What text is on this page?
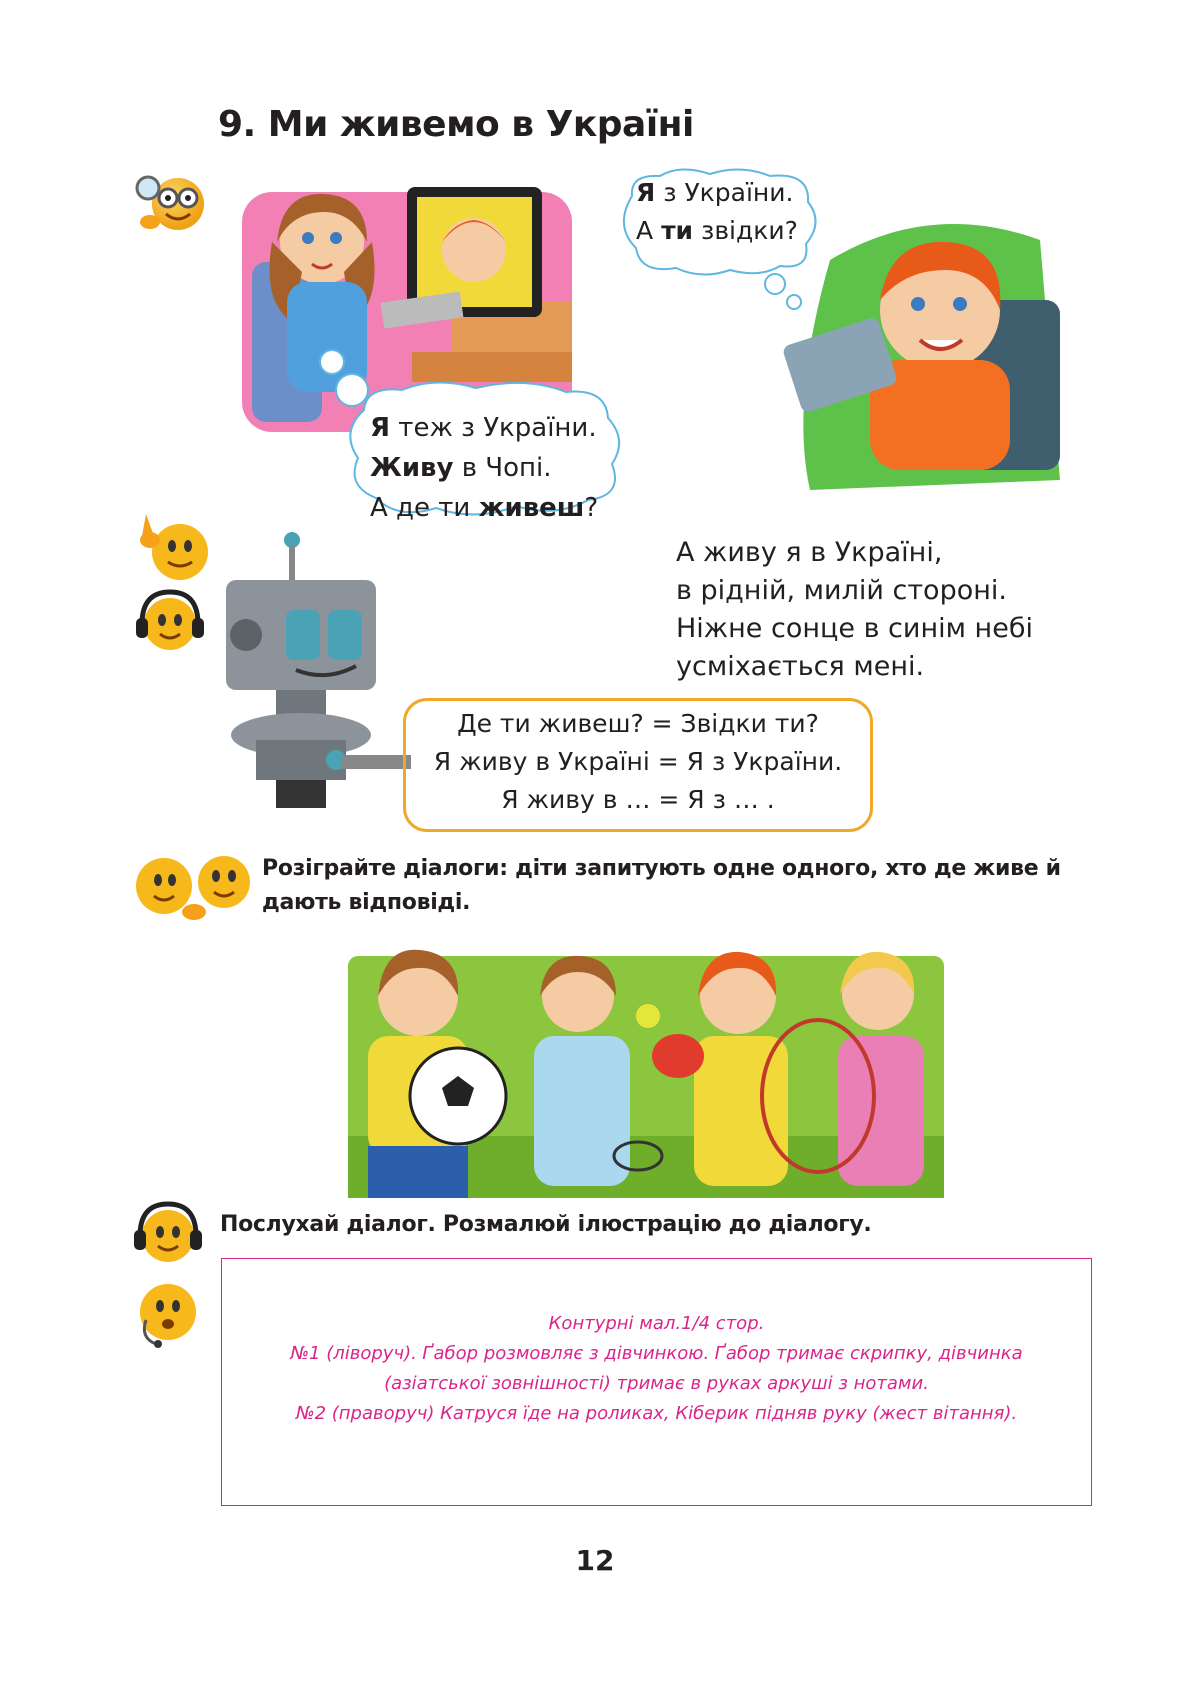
9. Ми живемо в Україні
Я з України.
А ти звідки?
Я теж з України.
Живу в Чопі.
А де ти живеш?
А живу я в Україні,
в рідній, милій стороні.
Ніжне сонце в синім небі
усміхається мені.
Де ти живеш? = Звідки ти?
Я живу в Україні = Я з України.
Я живу в … = Я з … .
Розіграйте діалоги: діти запитують одне одного, хто де живе й дають відповіді.
Послухай діалог. Розмалюй ілюстрацію до діалогу.
Контурні мал.1/4 стор.
№1 (ліворуч). Ґабор розмовляє з дівчинкою. Ґабор тримає скрипку, дівчинка
(азіатської зовнішності) тримає в руках аркуші з нотами.
№2 (праворуч) Катруся їде на роликах, Кіберик підняв руку (жест вітання).
12
